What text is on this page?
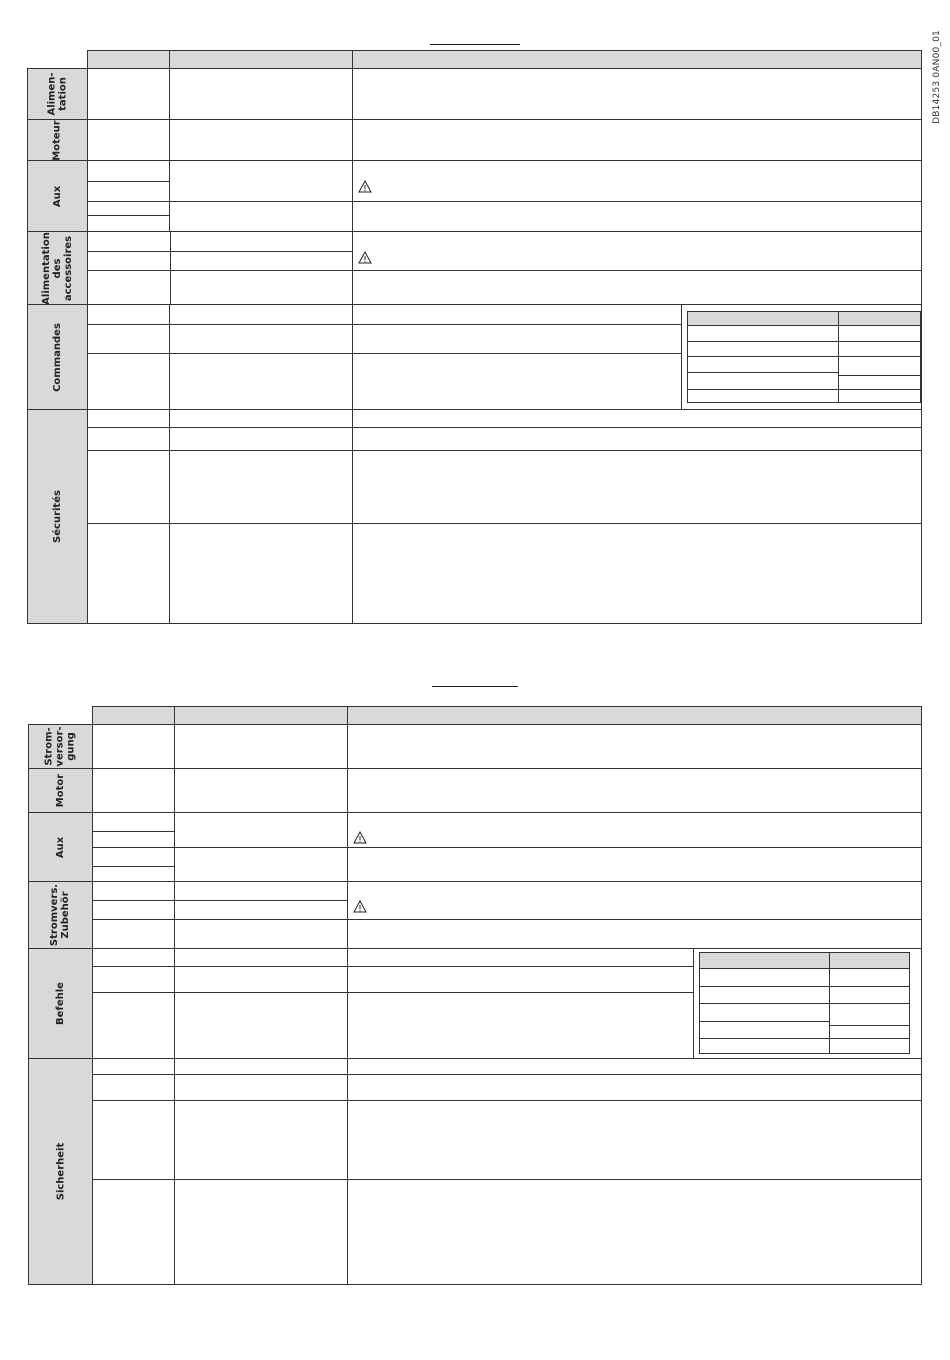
DB14253 0AN00_01
Alimen-
tation
Moteur
Aux
Alimentation
des
accessoires
Commandes
Sécurités
Strom-
versor-
gung
Motor
Aux
Stromvers.
Zubehör
Befehle
Sicherheit
